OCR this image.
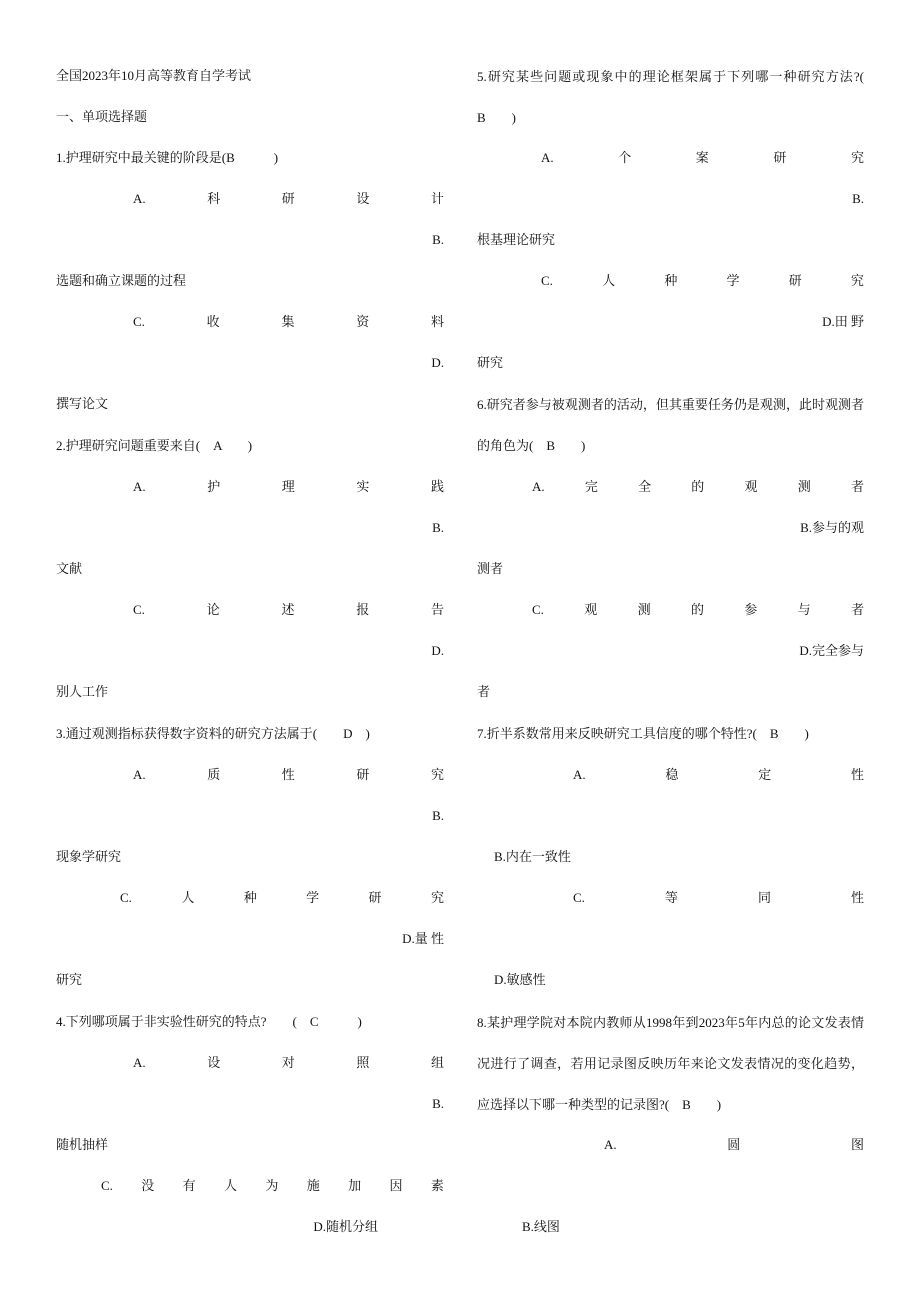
全国2023年10月高等教育自学考试
一、单项选择题
1.护理研究中最关键的阶段是(B　　　)
A.	科	研	设	计
B.
选题和确立课题的过程
C.	收	集	资	料
D.
撰写论文
2.护理研究问题重要来自(　A　　)
A.	护	理	实	践
B.
文献
C.	论	述	报	告
D.
别人工作
3.通过观测指标获得数字资料的研究方法属于(　　D　)
A.	质	性	研	究
B.
现象学研究
C.	人	种	学	研	究
D.量 性
研究
4.下列哪项属于非实验性研究的特点?　　(　C　　　)
A.	设	对	照	组
B.
随机抽样
C. 没 有 人 为 施 加 因 素
D.随机分组
5.研究某些问题或现象中的理论框架属于下列哪一种研究方法?(　B　　)
A.	个	案	研	究
B.
根基理论研究
C.	人	种	学	研	究
D.田 野
研究
6.研究者参与被观测者的活动，但其重要任务仍是观测，此时观测者的角色为(　B　　)
A.	完	全	的	观	测	者
B.参与的观
测者
C.	观	测	的	参	与	者
D.完全参与
者
7.折半系数常用来反映研究工具信度的哪个特性?(　B　　)
A.	稳	定	性
B.内在一致性
C.	等	同	性
D.敏感性
8.某护理学院对本院内教师从1998年到2023年5年内总的论文发表情况进行了调查，若用记录图反映历年来论文发表情况的变化趋势，应选择以下哪一种类型的记录图?(　B　　)
A.	圆	图
B.线图
